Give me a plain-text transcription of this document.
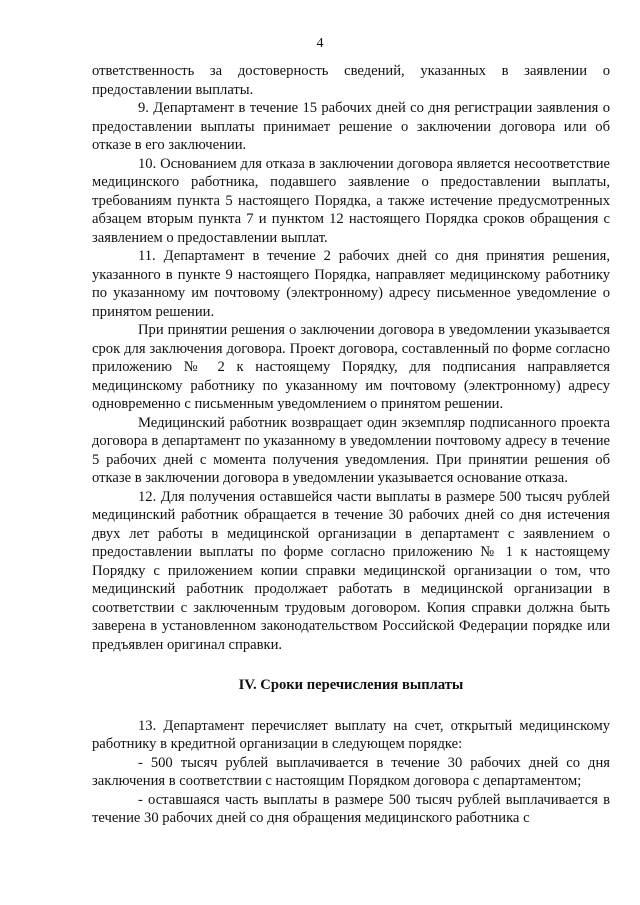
4

ответственность за достоверность сведений, указанных в заявлении о предоставлении выплаты.

9. Департамент в течение 15 рабочих дней со дня регистрации заявления о предоставлении выплаты принимает решение о заключении договора или об отказе в его заключении.

10. Основанием для отказа в заключении договора является несоответствие медицинского работника, подавшего заявление о предоставлении выплаты, требованиям пункта 5 настоящего Порядка, а также истечение предусмотренных абзацем вторым пункта 7 и пунктом 12 настоящего Порядка сроков обращения с заявлением о предоставлении выплат.

11. Департамент в течение 2 рабочих дней со дня принятия решения, указанного в пункте 9 настоящего Порядка, направляет медицинскому работнику по указанному им почтовому (электронному) адресу письменное уведомление о принятом решении.

При принятии решения о заключении договора в уведомлении указывается срок для заключения договора. Проект договора, составленный по форме согласно приложению № 2 к настоящему Порядку, для подписания направляется медицинскому работнику по указанному им почтовому (электронному) адресу одновременно с письменным уведомлением о принятом решении.

Медицинский работник возвращает один экземпляр подписанного проекта договора в департамент по указанному в уведомлении почтовому адресу в течение 5 рабочих дней с момента получения уведомления. При принятии решения об отказе в заключении договора в уведомлении указывается основание отказа.

12. Для получения оставшейся части выплаты в размере 500 тысяч рублей медицинский работник обращается в течение 30 рабочих дней со дня истечения двух лет работы в медицинской организации в департамент с заявлением о предоставлении выплаты по форме согласно приложению № 1 к настоящему Порядку с приложением копии справки медицинской организации о том, что медицинский работник продолжает работать в медицинской организации в соответствии с заключенным трудовым договором. Копия справки должна быть заверена в установленном законодательством Российской Федерации порядке или предъявлен оригинал справки.

IV. Сроки перечисления выплаты

13. Департамент перечисляет выплату на счет, открытый медицинскому работнику в кредитной организации в следующем порядке:

- 500 тысяч рублей выплачивается в течение 30 рабочих дней со дня заключения в соответствии с настоящим Порядком договора с департаментом;

- оставшаяся часть выплаты в размере 500 тысяч рублей выплачивается в течение 30 рабочих дней со дня обращения медицинского работника с
